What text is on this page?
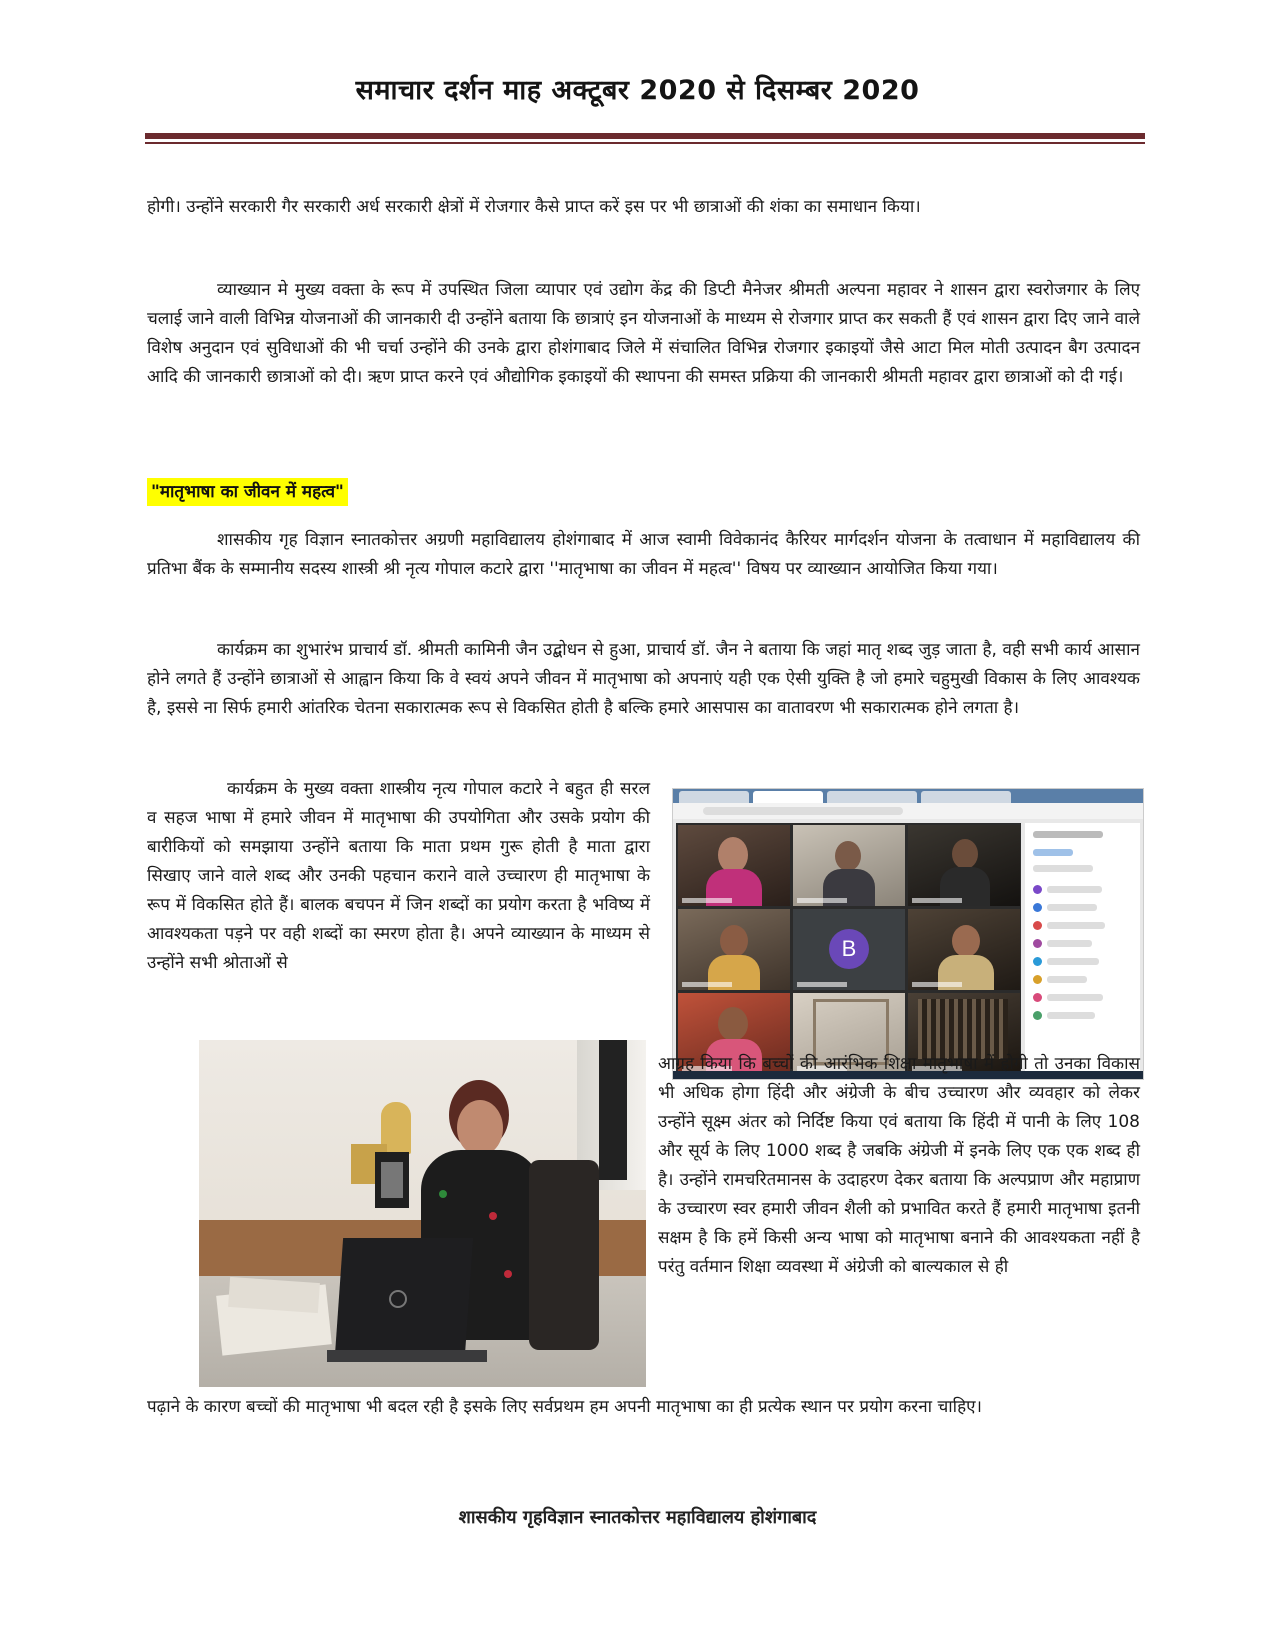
समाचार दर्शन माह अक्टूबर 2020 से दिसम्बर 2020

होगी। उन्होंने सरकारी गैर सरकारी अर्ध सरकारी क्षेत्रों में रोजगार कैसे प्राप्त करें इस पर भी छात्राओं की शंका का समाधान किया।

व्याख्यान मे मुख्य वक्ता के रूप में उपस्थित जिला व्यापार एवं उद्योग केंद्र की डिप्टी मैनेजर श्रीमती अल्पना महावर ने शासन द्वारा स्वरोजगार के लिए चलाई जाने वाली विभिन्न योजनाओं की जानकारी दी उन्होंने बताया कि छात्राएं इन योजनाओं के माध्यम से रोजगार प्राप्त कर सकती हैं एवं शासन द्वारा दिए जाने वाले विशेष अनुदान एवं सुविधाओं की भी चर्चा उन्होंने की उनके द्वारा होशंगाबाद जिले में संचालित विभिन्न रोजगार इकाइयों जैसे आटा मिल मोती उत्पादन बैग उत्पादन आदि की जानकारी छात्राओं को दी। ऋण प्राप्त करने एवं औद्योगिक इकाइयों की स्थापना की समस्त प्रक्रिया की जानकारी श्रीमती महावर द्वारा छात्राओं को दी गई।

"मातृभाषा का जीवन में महत्व"

शासकीय गृह विज्ञान स्नातकोत्तर अग्रणी महाविद्यालय होशंगाबाद में आज स्वामी विवेकानंद कैरियर मार्गदर्शन योजना के तत्वाधान में महाविद्यालय की प्रतिभा बैंक के सम्मानीय सदस्य शास्त्री श्री नृत्य गोपाल कटारे द्वारा ''मातृभाषा का जीवन में महत्व'' विषय पर व्याख्यान आयोजित किया गया।

कार्यक्रम का शुभारंभ प्राचार्य डॉ. श्रीमती कामिनी जैन उद्बोधन से हुआ, प्राचार्य डॉ. जैन ने बताया कि जहां मातृ शब्द जुड़ जाता है, वही सभी कार्य आसान होने लगते हैं उन्होंने छात्राओं से आह्वान किया कि वे स्वयं अपने जीवन में मातृभाषा को अपनाएं यही एक ऐसी युक्ति है जो हमारे चहुमुखी विकास के लिए आवश्यक है, इससे ना सिर्फ हमारी आंतरिक चेतना सकारात्मक रूप से विकसित होती है बल्कि हमारे आसपास का वातावरण भी सकारात्मक होने लगता है।

कार्यक्रम के मुख्य वक्ता शास्त्रीय नृत्य गोपाल कटारे ने बहुत ही सरल व सहज भाषा में हमारे जीवन में मातृभाषा की उपयोगिता और उसके प्रयोग की बारीकियों को समझाया उन्होंने बताया कि माता प्रथम गुरू होती है माता द्वारा सिखाए जाने वाले शब्द और उनकी पहचान कराने वाले उच्चारण ही मातृभाषा के रूप में विकसित होते हैं। बालक बचपन में जिन शब्दों का प्रयोग करता है भविष्य में आवश्यकता पड़ने पर वही शब्दों का स्मरण होता है। अपने व्याख्यान के माध्यम से उन्होंने सभी श्रोताओं से

B

आग्रह किया कि बच्चों की आरंभिक शिक्षा मातृभाषा में होगी तो उनका विकास भी अधिक होगा हिंदी और अंग्रेजी के बीच उच्चारण और व्यवहार को लेकर उन्होंने सूक्ष्म अंतर को निर्दिष्ट किया एवं बताया कि हिंदी में पानी के लिए 108 और सूर्य के लिए 1000 शब्द है जबकि अंग्रेजी में इनके लिए एक एक शब्द ही है। उन्होंने रामचरितमानस के उदाहरण देकर बताया कि अल्पप्राण और महाप्राण के उच्चारण स्वर हमारी जीवन शैली को प्रभावित करते हैं हमारी मातृभाषा इतनी सक्षम है कि हमें किसी अन्य भाषा को मातृभाषा बनाने की आवश्यकता नहीं है परंतु वर्तमान शिक्षा व्यवस्था में अंग्रेजी को बाल्यकाल से ही

पढ़ाने के कारण बच्चों की मातृभाषा भी बदल रही है इसके लिए सर्वप्रथम हम अपनी मातृभाषा का ही प्रत्येक स्थान पर प्रयोग करना चाहिए।

शासकीय गृहविज्ञान स्नातकोत्तर महाविद्यालय होशंगाबाद
